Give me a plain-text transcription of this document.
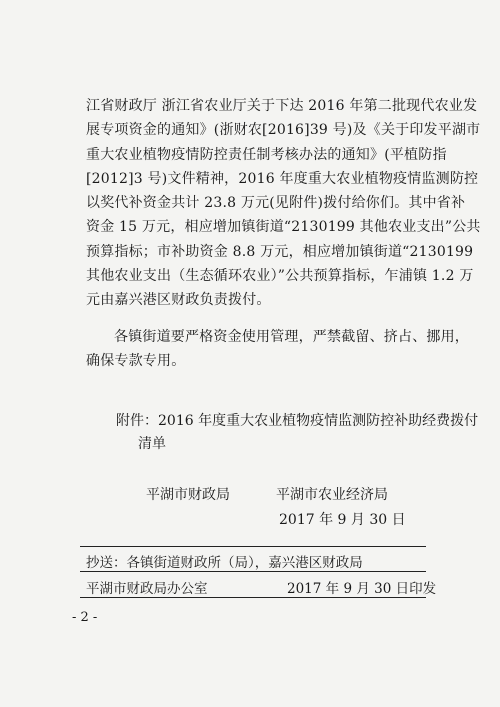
江省财政厅 浙江省农业厅关于下达 2016 年第二批现代农业发
展专项资金的通知》(浙财农[2016]39 号)及《关于印发平湖市
重大农业植物疫情防控责任制考核办法的通知》(平植防指
[2012]3 号)文件精神，2016 年度重大农业植物疫情监测防控
以奖代补资金共计 23.8 万元(见附件)拨付给你们。其中省补
资金 15 万元，相应增加镇街道“2130199 其他农业支出”公共
预算指标；市补助资金 8.8 万元，相应增加镇街道“2130199
其他农业支出（生态循环农业）”公共预算指标，乍浦镇 1.2 万
元由嘉兴港区财政负责拨付。
各镇街道要严格资金使用管理，严禁截留、挤占、挪用，
确保专款专用。
附件：2016 年度重大农业植物疫情监测防控补助经费拨付
清单
平湖市财政局	平湖市农业经济局
2017 年 9 月 30 日
抄送：各镇街道财政所（局），嘉兴港区财政局
平湖市财政局办公室	2017 年 9 月 30 日印发
- 2 -
